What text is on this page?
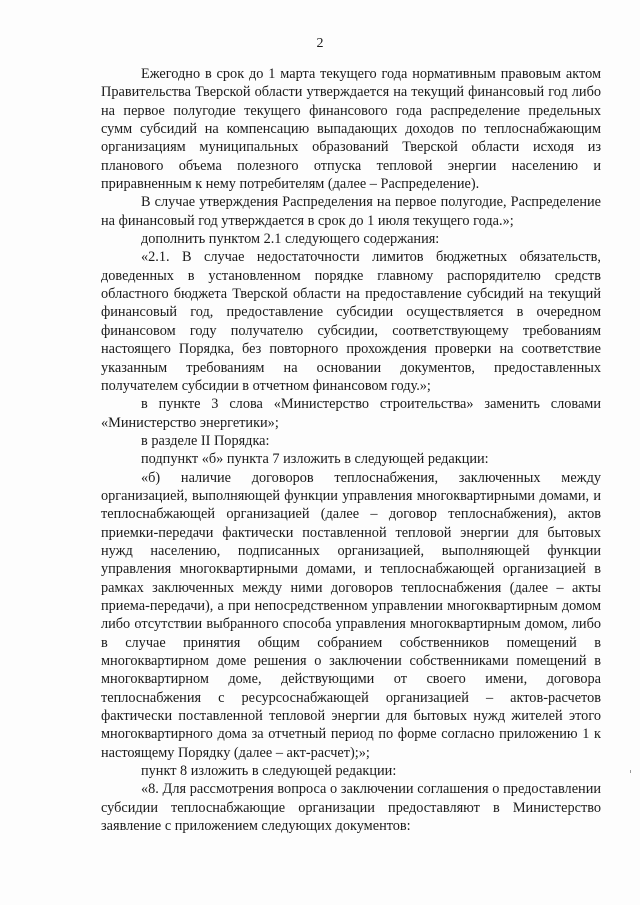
2

Ежегодно в срок до 1 марта текущего года нормативным правовым актом Правительства Тверской области утверждается на текущий финансовый год либо на первое полугодие текущего финансового года распределение предельных сумм субсидий на компенсацию выпадающих доходов по теплоснабжающим организациям муниципальных образований Тверской области исходя из планового объема полезного отпуска тепловой энергии населению и приравненным к нему потребителям (далее – Распределение).

В случае утверждения Распределения на первое полугодие, Распределение на финансовый год утверждается в срок до 1 июля текущего года.»;

дополнить пунктом 2.1 следующего содержания:

«2.1. В случае недостаточности лимитов бюджетных обязательств, доведенных в установленном порядке главному распорядителю средств областного бюджета Тверской области на предоставление субсидий на текущий финансовый год, предоставление субсидии осуществляется в очередном финансовом году получателю субсидии, соответствующему требованиям настоящего Порядка, без повторного прохождения проверки на соответствие указанным требованиям на основании документов, предоставленных получателем субсидии в отчетном финансовом году.»;

в пункте 3 слова «Министерство строительства» заменить словами «Министерство энергетики»;

в разделе II Порядка:

подпункт «б» пункта 7 изложить в следующей редакции:

«б) наличие договоров теплоснабжения, заключенных между организацией, выполняющей функции управления многоквартирными домами, и теплоснабжающей организацией (далее – договор теплоснабжения), актов приемки-передачи фактически поставленной тепловой энергии для бытовых нужд населению, подписанных организацией, выполняющей функции управления многоквартирными домами, и теплоснабжающей организацией в рамках заключенных между ними договоров теплоснабжения (далее – акты приема-передачи), а при непосредственном управлении многоквартирным домом либо отсутствии выбранного способа управления многоквартирным домом, либо в случае принятия общим собранием собственников помещений в многоквартирном доме решения о заключении собственниками помещений в многоквартирном доме, действующими от своего имени, договора теплоснабжения с ресурсоснабжающей организацией – актов-расчетов фактически поставленной тепловой энергии для бытовых нужд жителей этого многоквартирного дома за отчетный период по форме согласно приложению 1 к настоящему Порядку (далее – акт-расчет);»;

пункт 8 изложить в следующей редакции:

«8. Для рассмотрения вопроса о заключении соглашения о предоставлении субсидии теплоснабжающие организации предоставляют в Министерство заявление с приложением следующих документов:
